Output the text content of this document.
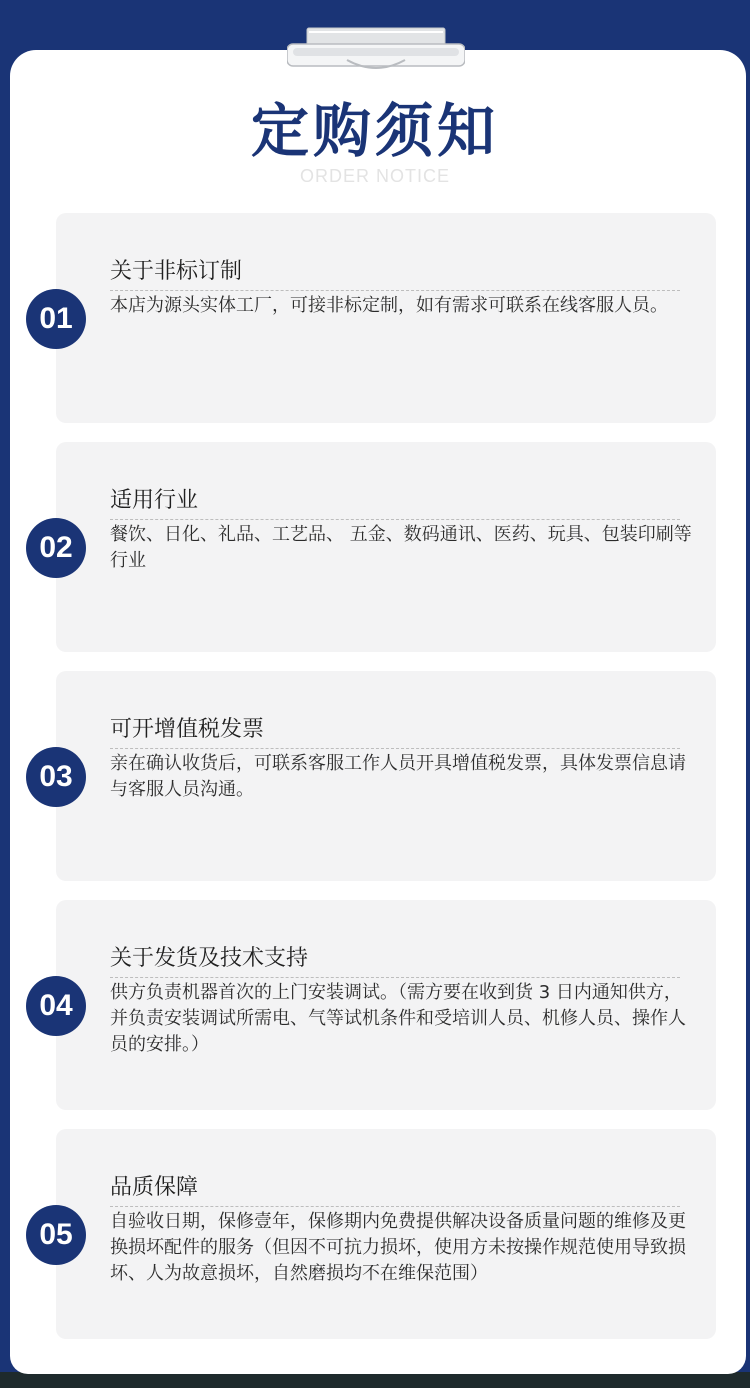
定购须知
ORDER NOTICE
关于非标订制
本店为源头实体工厂，可接非标定制，如有需求可联系在线客服人员。
01
适用行业
餐饮、日化、礼品、工艺品、 五金、数码通讯、医药、玩具、包装印刷等行业
02
可开增值税发票
亲在确认收货后，可联系客服工作人员开具增值税发票，具体发票信息请与客服人员沟通。
03
关于发货及技术支持
供方负责机器首次的上门安装调试。（需方要在收到货 3 日内通知供方，并负责安装调试所需电、气等试机条件和受培训人员、机修人员、操作人员的安排。）
04
品质保障
自验收日期，保修壹年，保修期内免费提供解决设备质量问题的维修及更换损坏配件的服务（但因不可抗力损坏，使用方未按操作规范使用导致损坏、人为故意损坏，自然磨损均不在维保范围）
05
